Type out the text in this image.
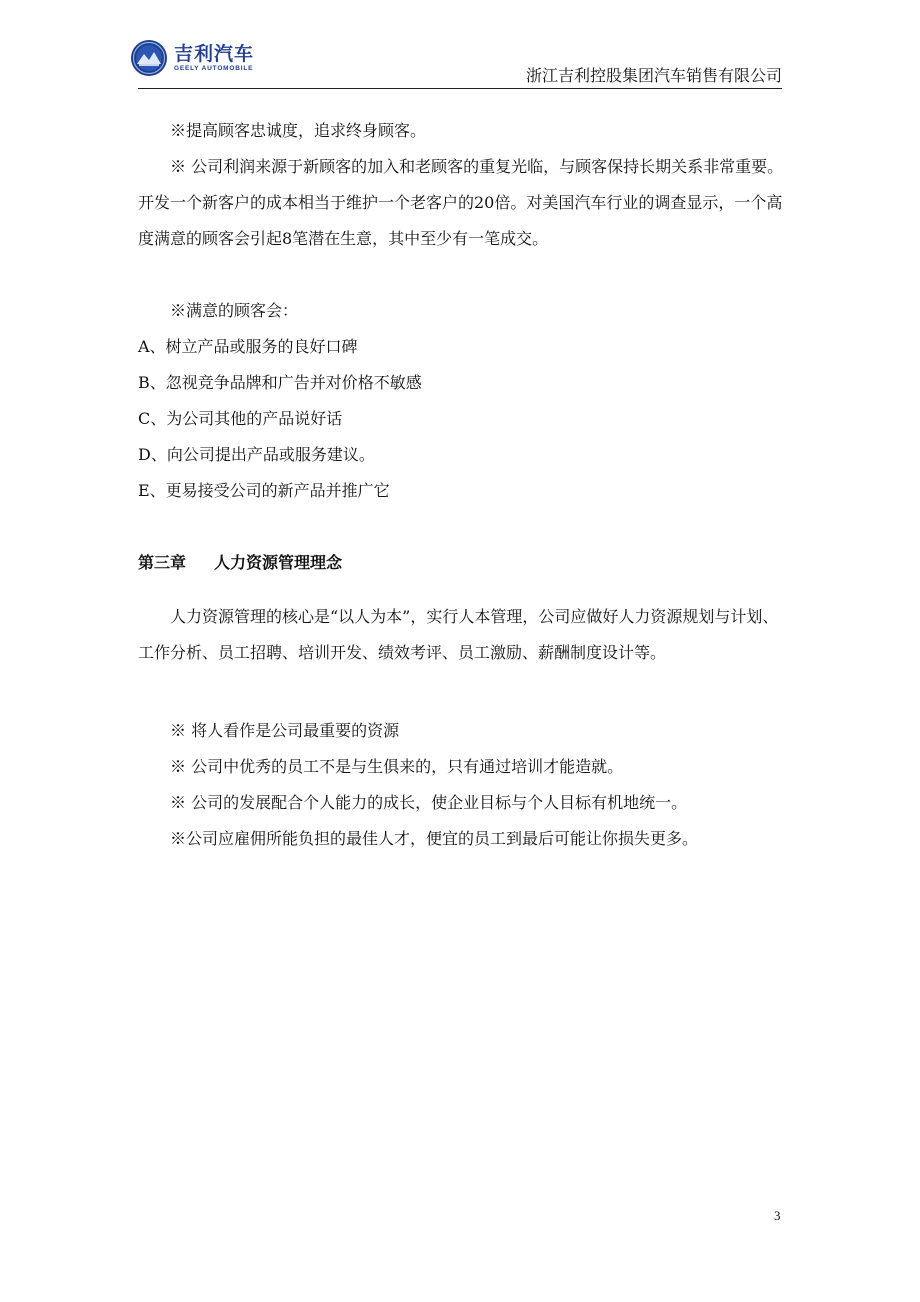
吉利汽车
GEELY AUTOMOBILE	浙江吉利控股集团汽车销售有限公司

※提高顾客忠诚度，追求终身顾客。

※ 公司利润来源于新顾客的加入和老顾客的重复光临，与顾客保持长期关系非常重要。开发一个新客户的成本相当于维护一个老客户的20倍。对美国汽车行业的调查显示，一个高度满意的顾客会引起8笔潜在生意，其中至少有一笔成交。

※满意的顾客会：

A、树立产品或服务的良好口碑

B、忽视竞争品牌和广告并对价格不敏感

C、为公司其他的产品说好话

D、向公司提出产品或服务建议。

E、更易接受公司的新产品并推广它

第三章 人力资源管理理念

人力资源管理的核心是“以人为本”，实行人本管理，公司应做好人力资源规划与计划、工作分析、员工招聘、培训开发、绩效考评、员工激励、薪酬制度设计等。

※ 将人看作是公司最重要的资源

※ 公司中优秀的员工不是与生俱来的，只有通过培训才能造就。

※ 公司的发展配合个人能力的成长，使企业目标与个人目标有机地统一。

※公司应雇佣所能负担的最佳人才，便宜的员工到最后可能让你损失更多。

3
